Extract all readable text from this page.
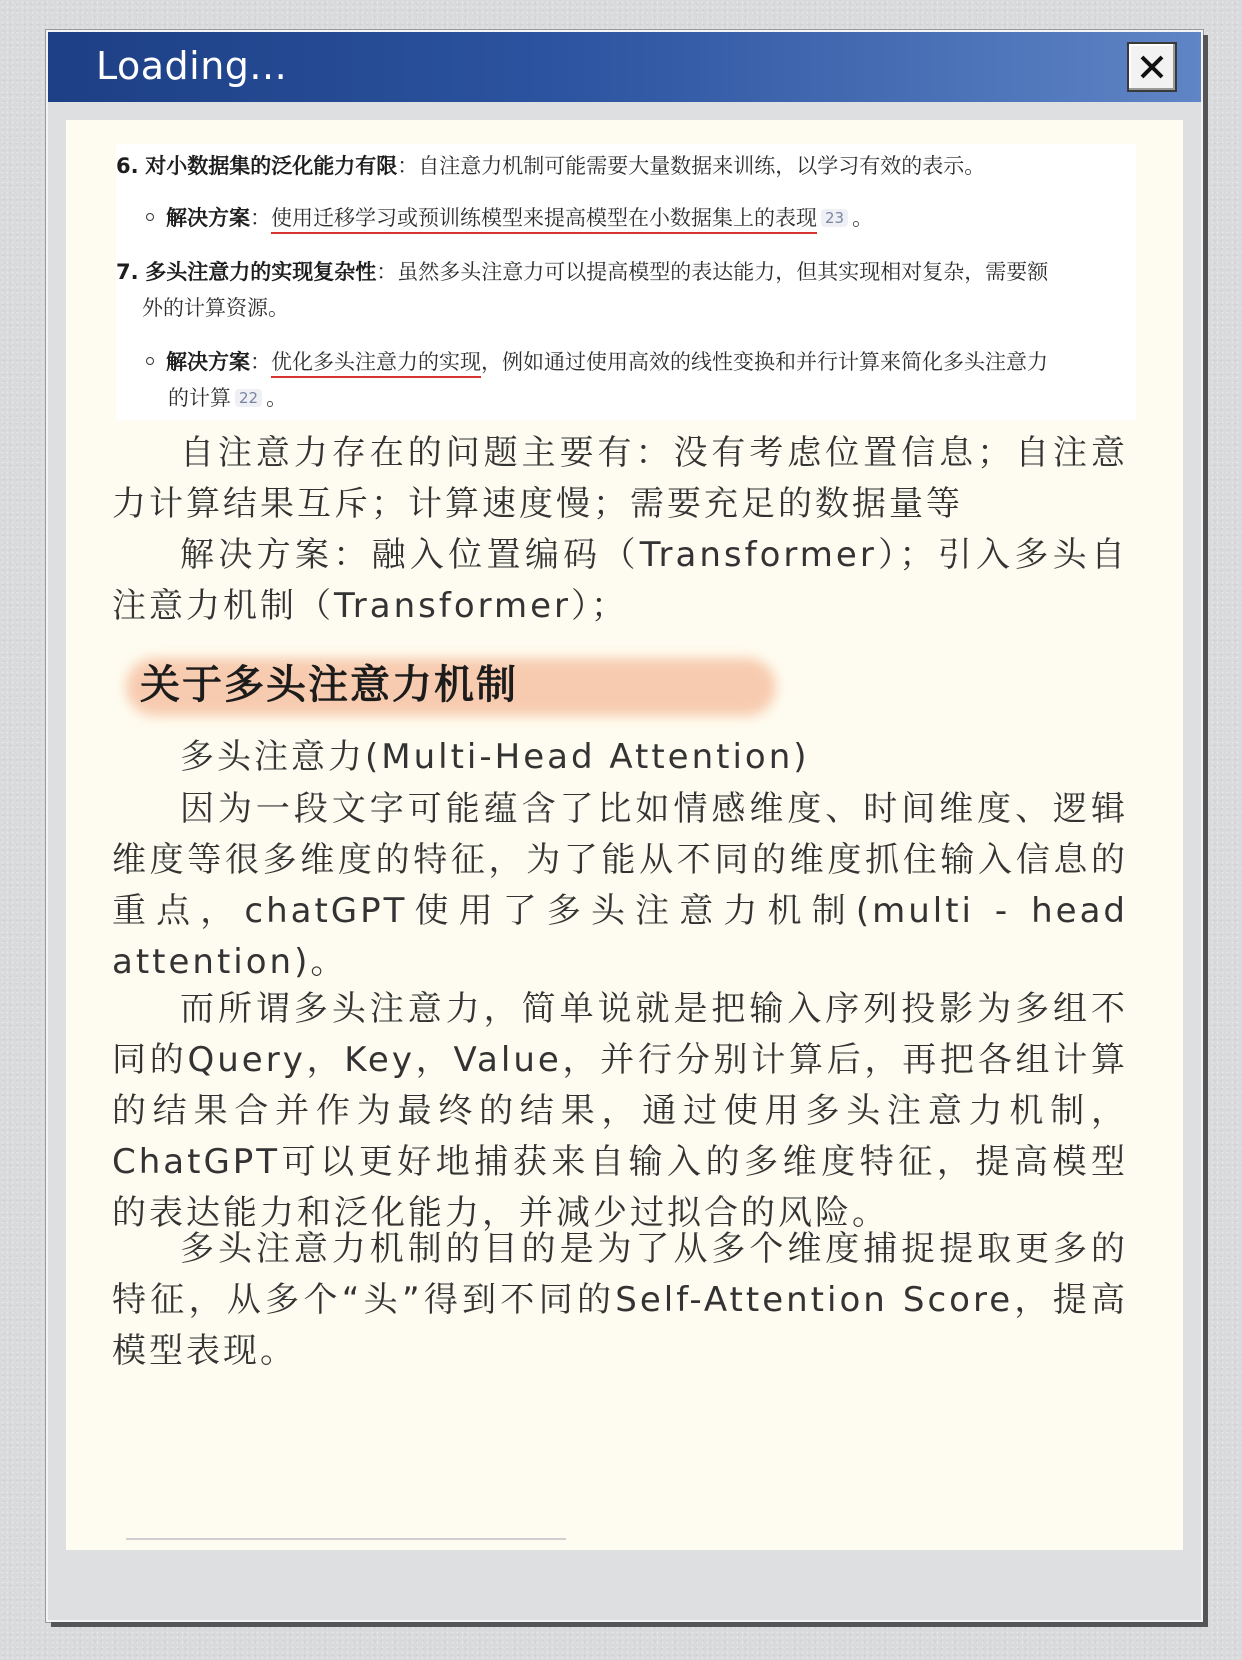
Loading...
6. 对小数据集的泛化能力有限：自注意力机制可能需要大量数据来训练，以学习有效的表示。
解决方案：使用迁移学习或预训练模型来提高模型在小数据集上的表现 23 。
7. 多头注意力的实现复杂性：虽然多头注意力可以提高模型的表达能力，但其实现相对复杂，需要额
外的计算资源。
解决方案：优化多头注意力的实现，例如通过使用高效的线性变换和并行计算来简化多头注意力
的计算 22 。
自注意力存在的问题主要有：没有考虑位置信息；自注意力计算结果互斥；计算速度慢；需要充足的数据量等
解决方案：融入位置编码（Transformer）；引入多头自注意力机制（Transformer）；
关于多头注意力机制
多头注意力(Multi-Head Attention)
因为一段文字可能蕴含了比如情感维度、时间维度、逻辑维度等很多维度的特征，为了能从不同的维度抓住输入信息的重点，chatGPT使用了多头注意力机制(multi - head attention)。
而所谓多头注意力，简单说就是把输入序列投影为多组不同的Query，Key，Value，并行分别计算后，再把各组计算的结果合并作为最终的结果，通过使用多头注意力机制，ChatGPT可以更好地捕获来自输入的多维度特征，提高模型的表达能力和泛化能力，并减少过拟合的风险。
多头注意力机制的目的是为了从多个维度捕捉提取更多的特征，从多个“头”得到不同的Self-Attention Score，提高模型表现。
